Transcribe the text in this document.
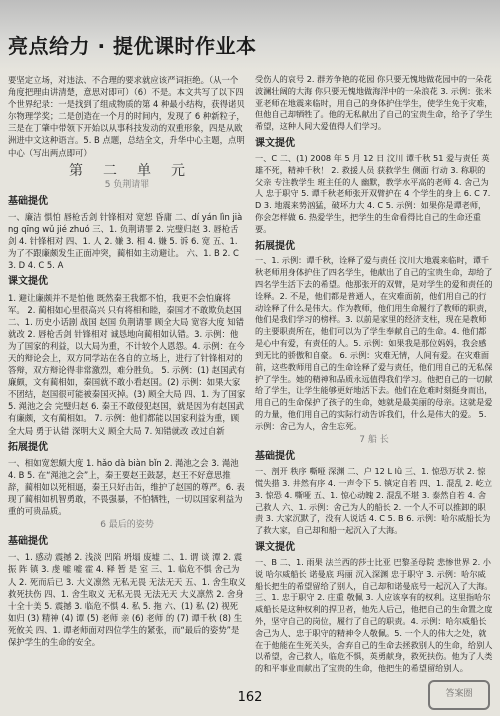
亮点给力 · 提优课时作业本

要坚定立场，对违法、不合理的要求就应该严词拒绝。（从一个角度把理由讲清楚，意思对即可）（6）不是。本文共写了以下四个世界纪录：一是找到了组成物质的第 4 种最小结构，获得诺贝尔物理学奖；二是创造在一个月的时间内，发现了 6 种新粒子，三是在丁肇中带领下开始以从事科技发动的双重形象，四是从欧洲进中文这种语言。5. B 点题，总结全文，升华中心主题，点明中心（写出两点即可）

第 二 单 元
5 负荆请罪
基础提优

一、廉洁 惧怕 唇枪舌剑 针锋相对 宽恕 昏庸 二、dí yán lìn jiàng qīng wǔ jié zhuó 三、1. 负荆请罪 2. 完璧归赵 3. 唇枪舌剑 4. 针锋相对 四、1. 人 2. 嫌 3. 相 4. 嫌 5. 诉 6. 宽 五、1. 为了不跟廉颇发生正面冲突，蔺相如主动避让。 六、1. B 2. C 3. D 4. C 5. A

课文提优

1. 避让廉颇并不是怕他 既然秦王我都不怕，我更不会怕廉将军。 2. 蔺相如心里很高兴 只有将相和睦，秦国才不敢欺负赵国 二、1. 历史小话剧 战国 赵国 负荆请罪 顾全大局 宽容大度 知错就改 2. 唇枪舌剑 针锋相对 诚恳地向蔺相如认错。3. 示例：他为了国家的利益，以大局为重，不计较个人恩怨。4. 示例：在今天的辩论会上，双方同学站在各自的立场上，进行了针锋相对的答辩，双方辩论得非常激烈，难分胜负。 5. 示例：(1) 赵国武有廉颇，文有蔺相如，秦国就不敢小看赵国。(2) 示例：如果大家不团结，赵国很可能被秦国灭掉。(3) 顾全大局 四、1. 为了国家 5. 渑池之会 完璧归赵 6. 秦王不敢侵犯赵国，就是因为有赵国武有廉颇，文有蔺相如。 7. 示例：他们都能以国家利益为重，顾全大局 勇于认错 深明大义 顾全大局 7. 知错就改 改过自新

拓展提优

一、相如宽恕颇大度 1. hǎo dà biàn bǐn 2. 渑池之会 3. 渑池 4. B 5. 在“渑池之会”上，秦王要赵王鼓瑟，赵王不好意思推辞，蔺相如以死相逼，秦王只好击缶，维护了赵国的尊严。6. 表现了蔺相如机智勇敢，不畏强暴，不怕牺牲，一切以国家利益为重的可贵品质。

6 最后的姿势
基础提优

一、1. 感动 震撼 2. 浅淡 凹陷 坍塌 废墟 二、1. 谓 谈 潭 2. 震 振 阵 镇 3. 虔 嘘 嘘 霍 4. 释 暂 是 室 三、1. 临危不惧 舍己为人 2. 死而后已 3. 大义凛然 无私无畏 无法无天 五、1. 舍生取义 救死扶伤 四、1. 舍生取义 无私无畏 无法无天 大义凛然 2. 舍身 十全十美 5. 震撼 3. 临危不惧 4. 私 5. 拖 六、(1) 私 (2) 视死如归 (3) 精神 (4) 谭 (5) 老师 亲 (6) 老师 的 (7) 谭千秋 (8) 生死攸关 四、1. 谭老师面对四位学生的紧张，而“最后的姿势”是保护学生的生命的安全。

受伤人的哀号 2. 群芳争艳的花园 你只要无愧地做花园中的一朵花 波澜壮阔的大海 你只要无愧地做海洋中的一朵浪花 3. 示例：张米亚老师在地震来临时，用自己的身体护住学生，使学生免于灾难，但他自己却牺牲了。他的无私献出了自己的宝贵生命，给予了学生希望，这种人间大爱值得人们学习。

课文提优

一、C 二、(1) 2008 年 5 月 12 日 汶川 谭千秋 51 爱与责任 英雄不死，精神千秋！ 2. 救援人员 获救学生 侧面 行动 3. 称职的父亲 专注教学生 班主任的人 幽默，教学水平高的老师 4. 舍己为人 忠于职守 5. 谭千秋老师张开双臂护在 4 个学生的身上 6. C 7. D 3. 地震来势汹猛，破坏力大 4. C 5. 示例：如果你是谭老师，你会怎样做 6. 热爱学生，把学生的生命看得比自己的生命还重要。

拓展提优

一、1. 示例：谭千秋，诠释了爱与责任 汶川大地震来临时，谭千秋老师用身体护住了四名学生，他献出了自己的宝贵生命，却给了四名学生活下去的希望。他那张开的双臂，是对学生的爱和责任的诠释。2. 不是，他们都是普通人，在灾难面前，他们用自己的行动诠释了什么是伟大。作为教师，他们用生命履行了教师的职责，他们是我们学习的榜样。3. 以前是家里的经济支柱，现在是教师的主要职责所在，他们可以为了学生奉献自己的生命。4. 他们都是心中有爱，有责任的人。5. 示例：如果我是那位妈妈，我会感到无比的骄傲和自豪。 6. 示例：灾难无情，人间有爱。在灾难面前，这些教师用自己的生命诠释了爱与责任，他们用自己的无私保护了学生。她的精神和品质永远值得我们学习。他把自己的一切献给了学生，让学生能够更好地活下去。他们在危难时刻挺身而出，用自己的生命保护了孩子的生命，她就是最美丽的母亲。这就是爱的力量，他们用自己的实际行动告诉我们，什么是伟大的爱。 5. 示例：舍己为人，舍生忘死。

7 船 长
基础提优

一、剖开 秩序 嘶哑 深渊 二、户 12 L lǜ 三、1. 惊恐万状 2. 惊慌失措 3. 井然有序 4. 一声令下 5. 镇定自若 四、1. 混乱 2. 屹立 3. 惊恐 4. 嘶哑 五、1. 惊心动魄 2. 混乱不堪 3. 泰然自若 4. 舍己救人 六、1. 示例：舍己为人的船长 2. 一个人不可以推卸的职责 3. 大家沉默了，没有人说话 4. C 5. B 6. 示例：哈尔威船长为了救大家，自己却和船一起沉入了大海。

课文提优

一、B 二、1. 雨果 法兰西的莎士比亚 巴黎圣母院 悲惨世界 2. 小说 哈尔威船长 诺曼底 玛丽 沉入深渊 忠于职守 3. 示例：哈尔威船长把生的希望留给了别人，自己却和诺曼底号一起沉入了大海。 三、1. 忠于职守 2. 庄重 敬佩 3. 人应该享有的权利。这里指哈尔威船长是这种权利的捍卫者，他先人后己，他把自己的生命置之度外，坚守自己的岗位，履行了自己的职责。4. 示例：哈尔威船长舍己为人、忠于职守的精神令人敬佩。5. 一个人的伟大之处，就在于他能在生死关头，舍弃自己的生命去拯救别人的生命，给别人以希望，舍己救人，临危不惧，英勇献身，救死扶伤。他为了人类的和平事业而献出了宝贵的生命，他把生的希望留给别人。

162	答案圈
